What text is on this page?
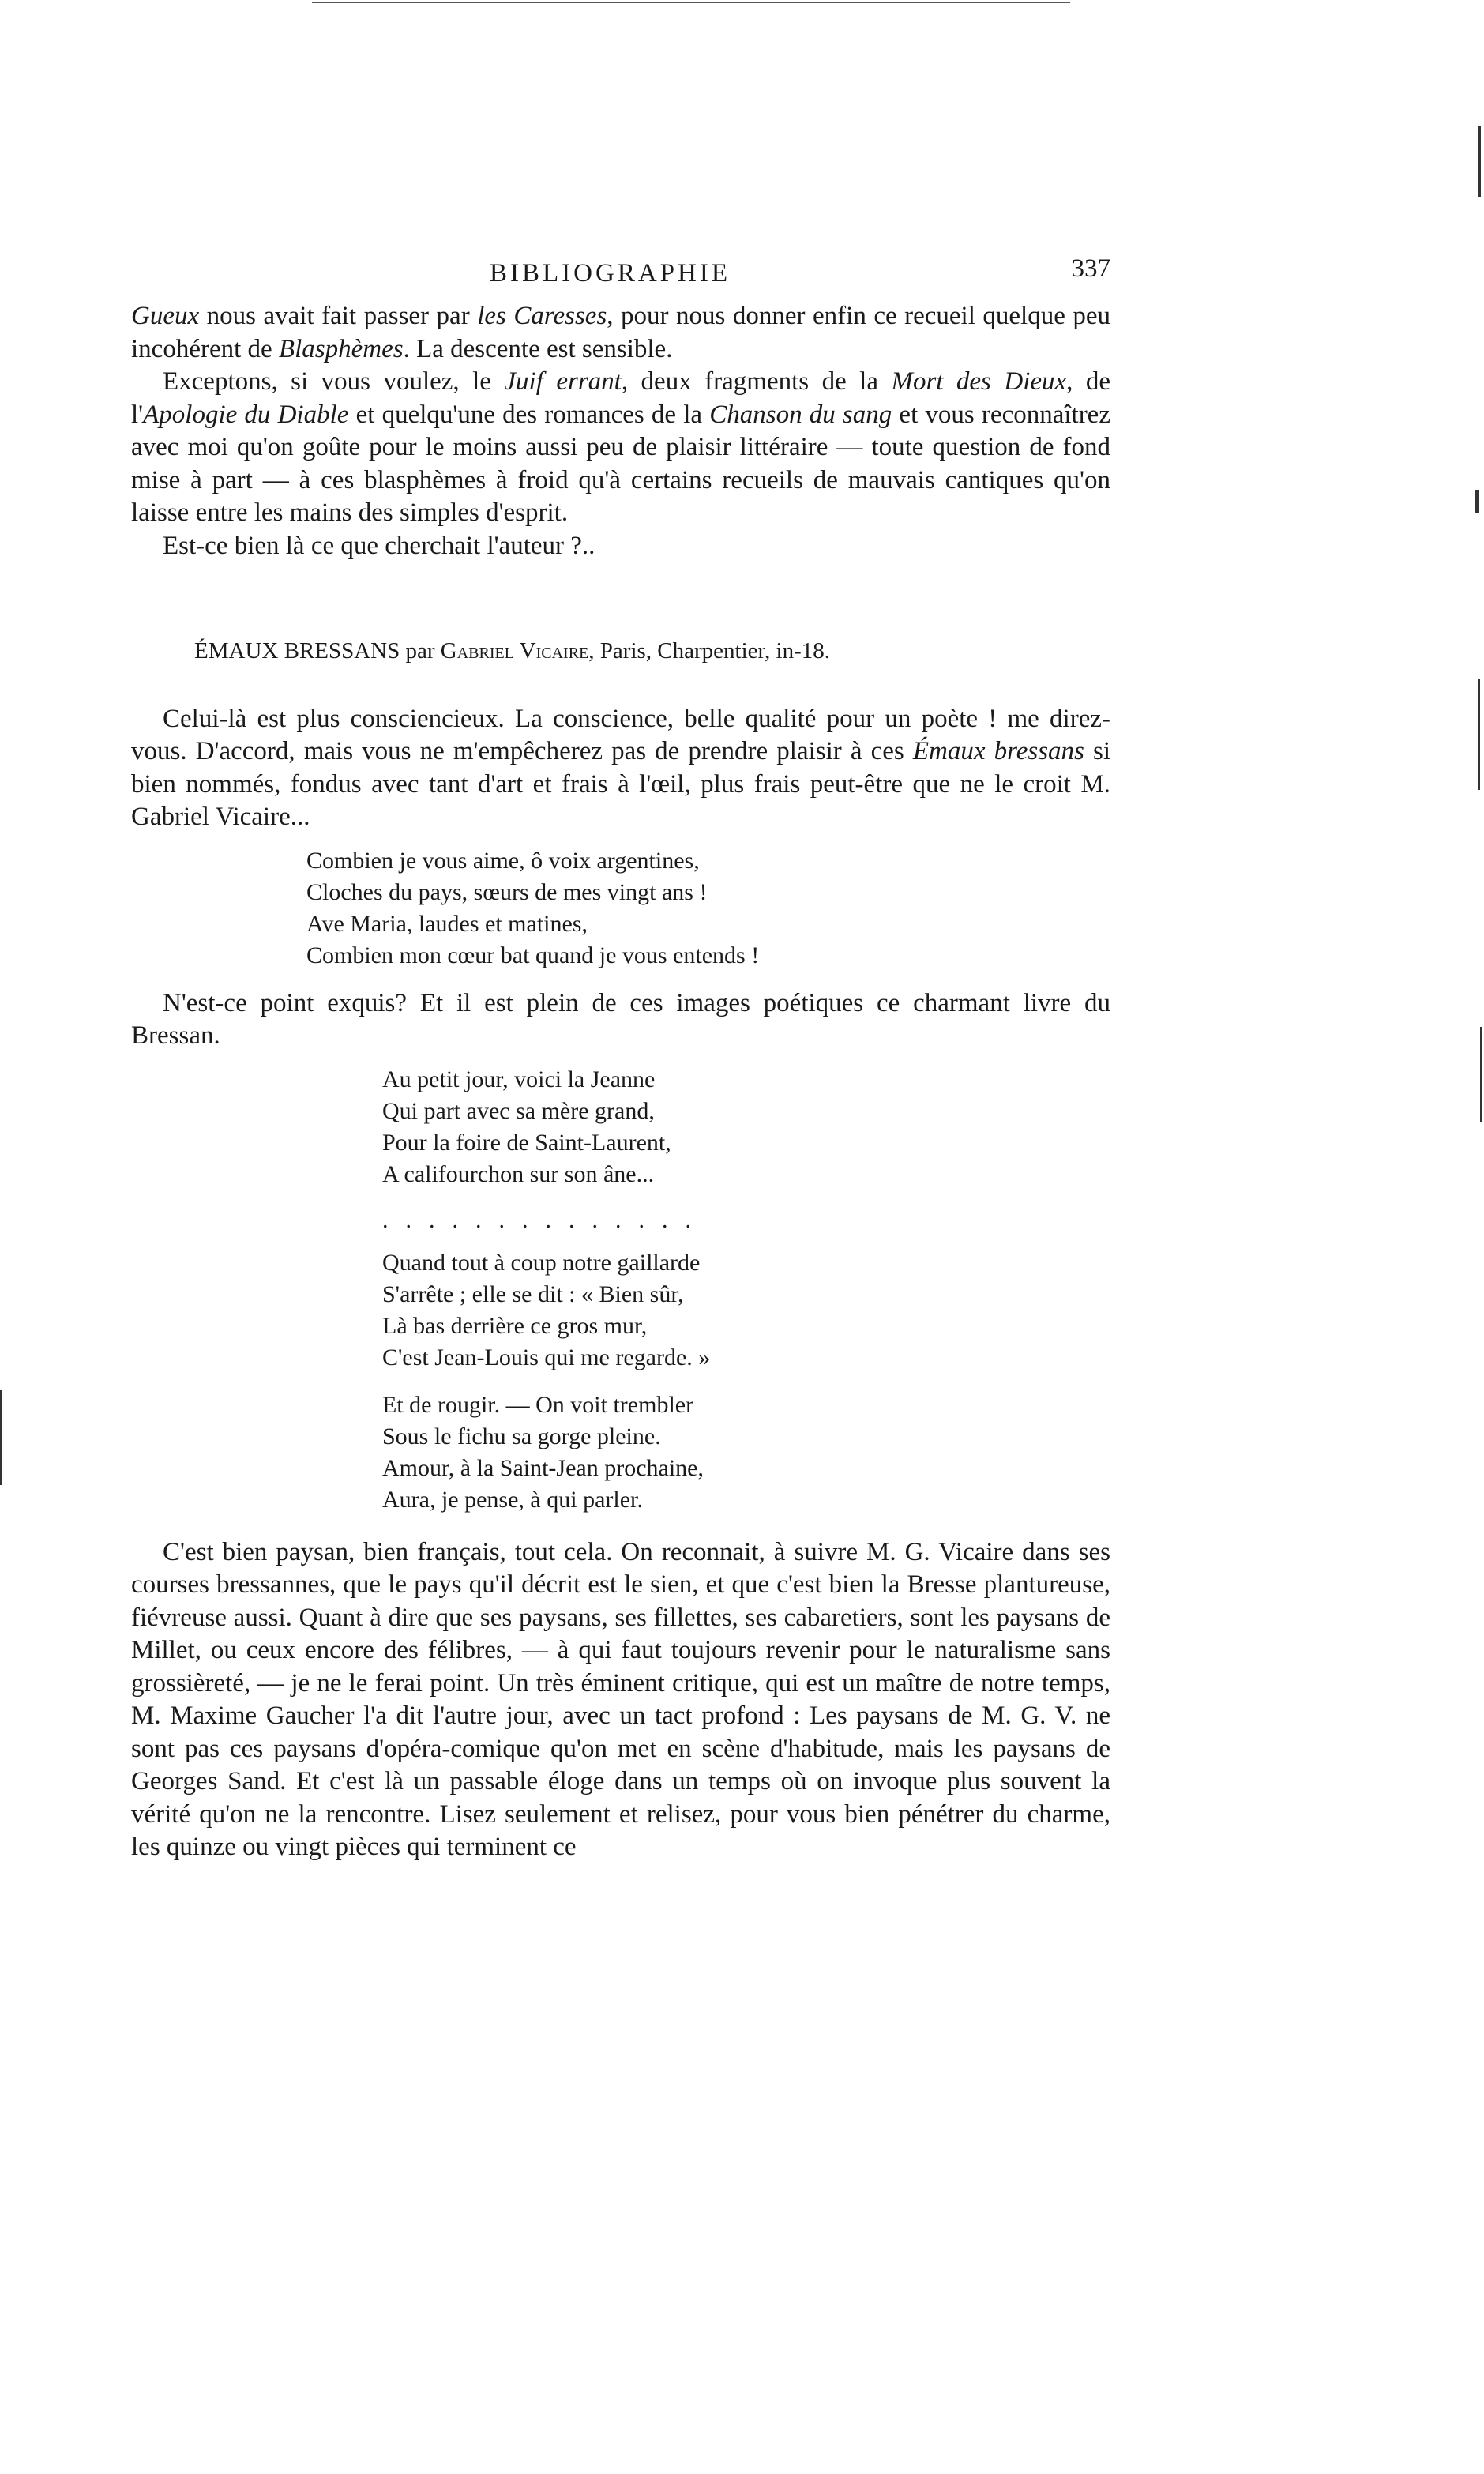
BIBLIOGRAPHIE	337

Gueux nous avait fait passer par les Caresses, pour nous donner enfin ce recueil quelque peu incohérent de Blasphèmes. La descente est sensible.

Exceptons, si vous voulez, le Juif errant, deux fragments de la Mort des Dieux, de l'Apologie du Diable et quelqu'une des romances de la Chanson du sang et vous reconnaîtrez avec moi qu'on goûte pour le moins aussi peu de plaisir littéraire — toute question de fond mise à part — à ces blasphèmes à froid qu'à certains recueils de mauvais cantiques qu'on laisse entre les mains des simples d'esprit.

Est-ce bien là ce que cherchait l'auteur ?..

ÉMAUX BRESSANS par Gabriel Vicaire, Paris, Charpentier, in-18.

Celui-là est plus consciencieux. La conscience, belle qualité pour un poète ! me direz-vous. D'accord, mais vous ne m'empêcherez pas de prendre plaisir à ces Émaux bressans si bien nommés, fondus avec tant d'art et frais à l'œil, plus frais peut-être que ne le croit M. Gabriel Vicaire...

Combien je vous aime, ô voix argentines,
Cloches du pays, sœurs de mes vingt ans !
Ave Maria, laudes et matines,
Combien mon cœur bat quand je vous entends !

N'est-ce point exquis? Et il est plein de ces images poétiques ce charmant livre du Bressan.

Au petit jour, voici la Jeanne
Qui part avec sa mère grand,
Pour la foire de Saint-Laurent,
A califourchon sur son âne...
..............
Quand tout à coup notre gaillarde
S'arrête ; elle se dit : « Bien sûr,
Là bas derrière ce gros mur,
C'est Jean-Louis qui me regarde. »
Et de rougir. — On voit trembler
Sous le fichu sa gorge pleine.
Amour, à la Saint-Jean prochaine,
Aura, je pense, à qui parler.

C'est bien paysan, bien français, tout cela. On reconnait, à suivre M. G. Vicaire dans ses courses bressannes, que le pays qu'il décrit est le sien, et que c'est bien la Bresse plantureuse, fiévreuse aussi. Quant à dire que ses paysans, ses fillettes, ses cabaretiers, sont les paysans de Millet, ou ceux encore des félibres, — à qui faut toujours revenir pour le naturalisme sans grossièreté, — je ne le ferai point. Un très éminent critique, qui est un maître de notre temps, M. Maxime Gaucher l'a dit l'autre jour, avec un tact profond : Les paysans de M. G. V. ne sont pas ces paysans d'opéra-comique qu'on met en scène d'habitude, mais les paysans de Georges Sand. Et c'est là un passable éloge dans un temps où on invoque plus souvent la vérité qu'on ne la rencontre. Lisez seulement et relisez, pour vous bien pénétrer du charme, les quinze ou vingt pièces qui terminent ce
